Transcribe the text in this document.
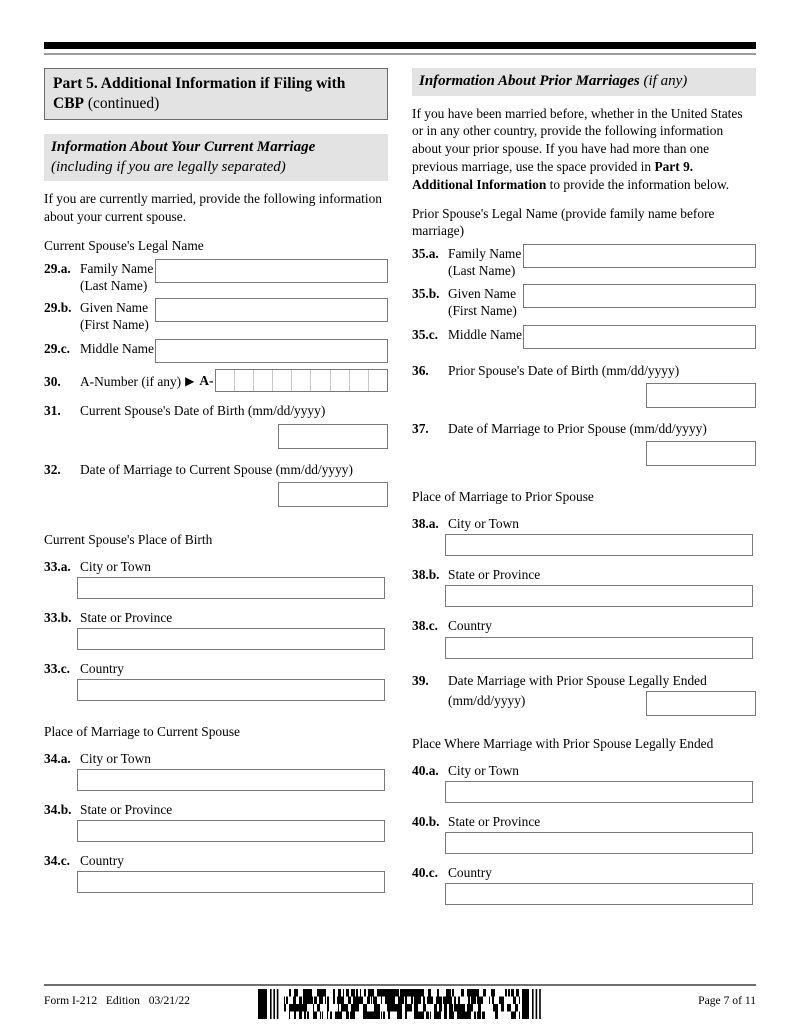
Part 5. Additional Information if Filing with CBP (continued)
Information About Your Current Marriage
(including if you are legally separated)
If you are currently married, provide the following information about your current spouse.
Current Spouse's Legal Name
29.a. Family Name
(Last Name)
29.b. Given Name
(First Name)
29.c. Middle Name
30.	A-Number (if any) ▶ A-
31.	Current Spouse's Date of Birth (mm/dd/yyyy)
32.	Date of Marriage to Current Spouse (mm/dd/yyyy)
Current Spouse's Place of Birth
33.a. City or Town
33.b. State or Province
33.c. Country
Place of Marriage to Current Spouse
34.a. City or Town
34.b. State or Province
34.c. Country
Information About Prior Marriages (if any)
If you have been married before, whether in the United States or in any other country, provide the following information about your prior spouse. If you have had more than one previous marriage, use the space provided in Part 9. Additional Information to provide the information below.
Prior Spouse's Legal Name (provide family name before marriage)
35.a. Family Name
(Last Name)
35.b. Given Name
(First Name)
35.c. Middle Name
36.	Prior Spouse's Date of Birth (mm/dd/yyyy)
37.	Date of Marriage to Prior Spouse (mm/dd/yyyy)
Place of Marriage to Prior Spouse
38.a. City or Town
38.b. State or Province
38.c. Country
39.	Date Marriage with Prior Spouse Legally Ended
(mm/dd/yyyy)
Place Where Marriage with Prior Spouse Legally Ended
40.a. City or Town
40.b. State or Province
40.c. Country
Form I-212 Edition 03/21/22	Page 7 of 11
